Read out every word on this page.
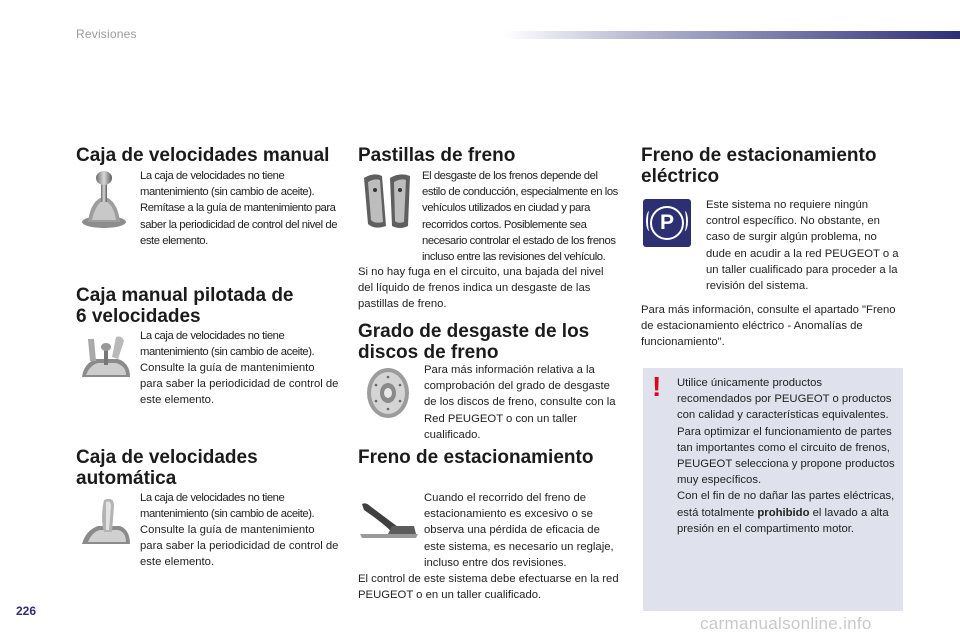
Revisiones
Caja de velocidades manual
La caja de velocidades no tiene mantenimiento (sin cambio de aceite). Remítase a la guía de mantenimiento para saber la periodicidad de control del nivel de este elemento.
Caja manual pilotada de
6 velocidades
La caja de velocidades no tiene mantenimiento (sin cambio de aceite).
Consulte la guía de mantenimiento para saber la periodicidad de control de este elemento.
Caja de velocidades
automática
La caja de velocidades no tiene mantenimiento (sin cambio de aceite).
Consulte la guía de mantenimiento para saber la periodicidad de control de este elemento.
Pastillas de freno
El desgaste de los frenos depende del estilo de conducción, especialmente en los vehículos utilizados en ciudad y para recorridos cortos. Posiblemente sea necesario controlar el estado de los frenos incluso entre las revisiones del vehículo.
Si no hay fuga en el circuito, una bajada del nivel del líquido de frenos indica un desgaste de las pastillas de freno.
Grado de desgaste de los
discos de freno
Para más información relativa a la comprobación del grado de desgaste de los discos de freno, consulte con la Red PEUGEOT o con un taller cualificado.
Freno de estacionamiento
Cuando el recorrido del freno de estacionamiento es excesivo o se observa una pérdida de eficacia de este sistema, es necesario un reglaje, incluso entre dos revisiones.
El control de este sistema debe efectuarse en la red PEUGEOT o en un taller cualificado.
Freno de estacionamiento
eléctrico
P
Este sistema no requiere ningún control específico. No obstante, en caso de surgir algún problema, no dude en acudir a la red PEUGEOT o a un taller cualificado para proceder a la revisión del sistema.
Para más información, consulte el apartado "Freno de estacionamiento eléctrico - Anomalías de funcionamiento".
! Utilice únicamente productos recomendados por PEUGEOT o productos con calidad y características equivalentes.
Para optimizar el funcionamiento de partes tan importantes como el circuito de frenos, PEUGEOT selecciona y propone productos muy específicos.
Con el fin de no dañar las partes eléctricas, está totalmente prohibido el lavado a alta presión en el compartimento motor.
226
carmanualsonline.info
